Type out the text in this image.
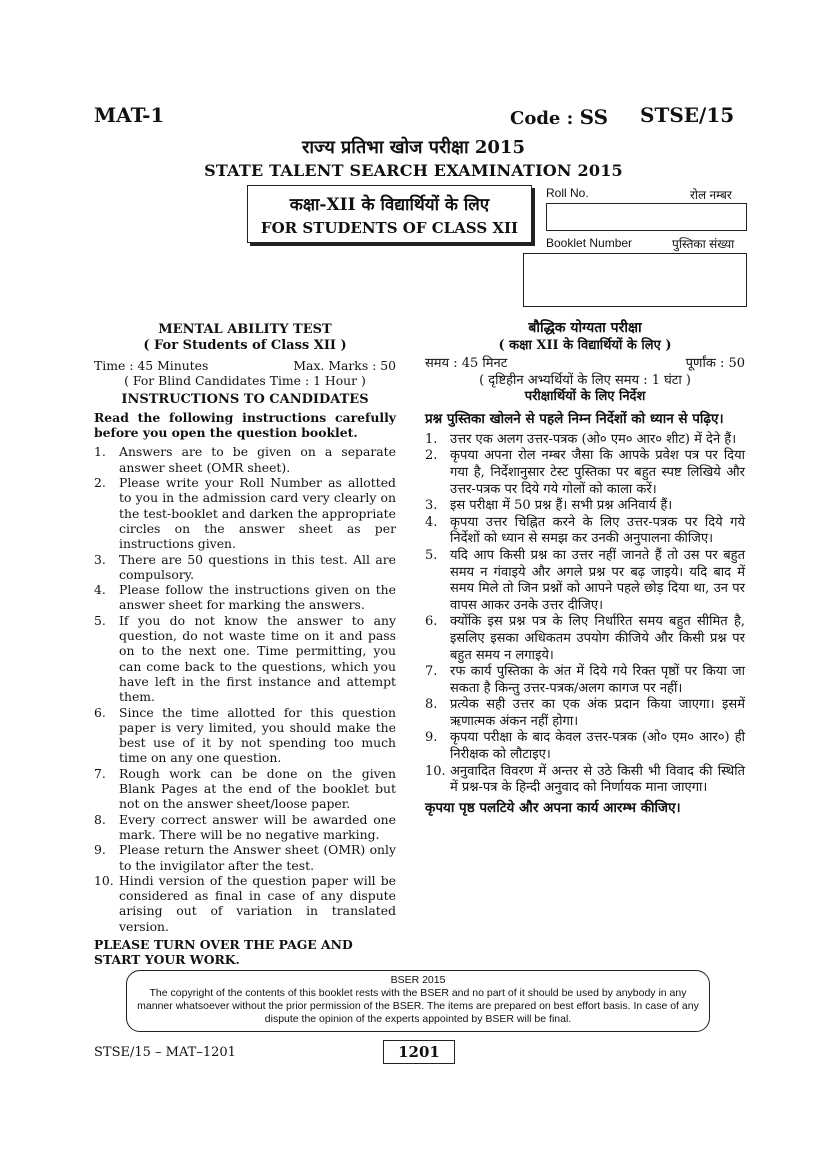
MAT-1	Code : SS STSE/15
राज्य प्रतिभा खोज परीक्षा 2015
STATE TALENT SEARCH EXAMINATION 2015
कक्षा-XII के विद्यार्थियों के लिए
FOR STUDENTS OF CLASS XII
Roll No.	रोल नम्बर
Booklet Number	पुस्तिका संख्या
MENTAL ABILITY TEST
( For Students of Class XII )
Time : 45 Minutes	Max. Marks : 50
( For Blind Candidates Time : 1 Hour )
INSTRUCTIONS TO CANDIDATES
Read the following instructions carefully before you open the question booklet.
1.	Answers are to be given on a separate answer sheet (OMR sheet).
2.	Please write your Roll Number as allotted to you in the admission card very clearly on the test-booklet and darken the appropriate circles on the answer sheet as per instructions given.
3.	There are 50 questions in this test. All are compulsory.
4.	Please follow the instructions given on the answer sheet for marking the answers.
5.	If you do not know the answer to any question, do not waste time on it and pass on to the next one. Time permitting, you can come back to the questions, which you have left in the first instance and attempt them.
6.	Since the time allotted for this question paper is very limited, you should make the best use of it by not spending too much time on any one question.
7.	Rough work can be done on the given Blank Pages at the end of the booklet but not on the answer sheet/loose paper.
8.	Every correct answer will be awarded one mark. There will be no negative marking.
9.	Please return the Answer sheet (OMR) only to the invigilator after the test.
10. Hindi version of the question paper will be considered as final in case of any dispute arising out of variation in translated version.
PLEASE TURN OVER THE PAGE AND START YOUR WORK.
बौद्धिक योग्यता परीक्षा
( कक्षा XII के विद्यार्थियों के लिए )
समय : 45 मिनट	पूर्णांक : 50
( दृष्टिहीन अभ्यर्थियों के लिए समय : 1 घंटा )
परीक्षार्थियों के लिए निर्देश
प्रश्न पुस्तिका खोलने से पहले निम्न निर्देशों को ध्यान से पढ़िए।
1. उत्तर एक अलग उत्तर-पत्रक (ओ० एम० आर० शीट) में देने हैं।
2. कृपया अपना रोल नम्बर जैसा कि आपके प्रवेश पत्र पर दिया गया है, निर्देशानुसार टेस्ट पुस्तिका पर बहुत स्पष्ट लिखिये और उत्तर-पत्रक पर दिये गये गोलों को काला करें।
3. इस परीक्षा में 50 प्रश्न हैं। सभी प्रश्न अनिवार्य हैं।
4. कृपया उत्तर चिह्नित करने के लिए उत्तर-पत्रक पर दिये गये निर्देशों को ध्यान से समझ कर उनकी अनुपालना कीजिए।
5. यदि आप किसी प्रश्न का उत्तर नहीं जानते हैं तो उस पर बहुत समय न गंवाइये और अगले प्रश्न पर बढ़ जाइये। यदि बाद में समय मिले तो जिन प्रश्नों को आपने पहले छोड़ दिया था, उन पर वापस आकर उनके उत्तर दीजिए।
6. क्योंकि इस प्रश्न पत्र के लिए निर्धारित समय बहुत सीमित है, इसलिए इसका अधिकतम उपयोग कीजिये और किसी प्रश्न पर बहुत समय न लगाइये।
7. रफ कार्य पुस्तिका के अंत में दिये गये रिक्त पृष्ठों पर किया जा सकता है किन्तु उत्तर-पत्रक/अलग कागज पर नहीं।
8. प्रत्येक सही उत्तर का एक अंक प्रदान किया जाएगा। इसमें ऋणात्मक अंकन नहीं होगा।
9. कृपया परीक्षा के बाद केवल उत्तर-पत्रक (ओ० एम० आर०) ही निरीक्षक को लौटाइए।
10. अनुवादित विवरण में अन्तर से उठे किसी भी विवाद की स्थिति में प्रश्न-पत्र के हिन्दी अनुवाद को निर्णायक माना जाएगा।
कृपया पृष्ठ पलटिये और अपना कार्य आरम्भ कीजिए।
BSER 2015
The copyright of the contents of this booklet rests with the BSER and no part of it should be used by anybody in any manner whatsoever without the prior permission of the BSER. The items are prepared on best effort basis. In case of any dispute the opinion of the experts appointed by BSER will be final.
STSE/15 – MAT–1201	1201
